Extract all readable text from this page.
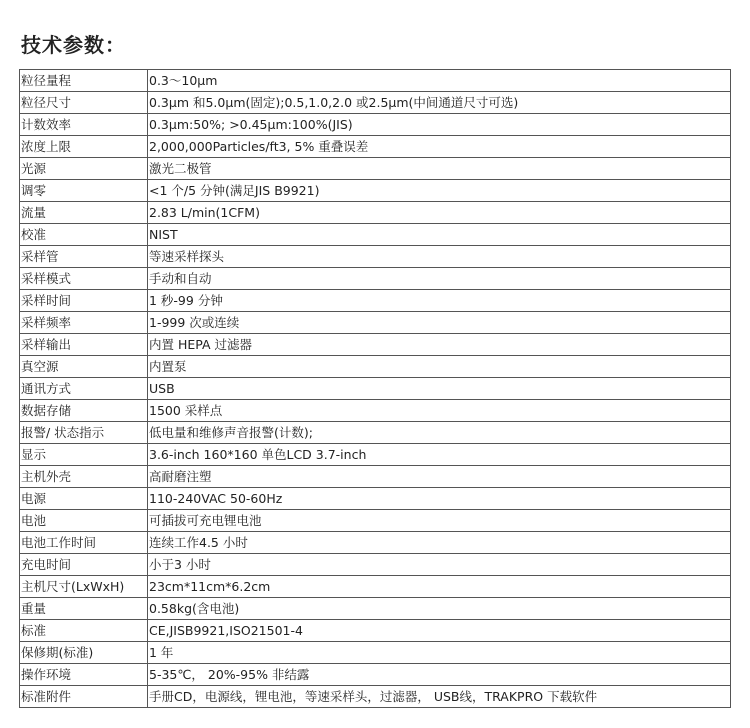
技术参数：
粒径量程	0.3～10μm
粒径尺寸	0.3μm 和5.0μm(固定);0.5,1.0,2.0 或2.5μm(中间通道尺寸可选)
计数效率	0.3μm:50%; >0.45μm:100%(JIS)
浓度上限	2,000,000Particles/ft3, 5% 重叠误差
光源	激光二极管
调零	<1 个/5 分钟(满足JIS B9921)
流量	2.83 L/min(1CFM)
校准	NIST
采样管	等速采样探头
采样模式	手动和自动
采样时间	1 秒-99 分钟
采样频率	1-999 次或连续
采样输出	内置 HEPA 过滤器
真空源	内置泵
通讯方式	USB
数据存储	1500 采样点
报警/ 状态指示	低电量和维修声音报警(计数);
显示	3.6-inch 160*160 单色LCD 3.7-inch
主机外壳	高耐磨注塑
电源	110-240VAC 50-60Hz
电池	可插拔可充电锂电池
电池工作时间	连续工作4.5 小时
充电时间	小于3 小时
主机尺寸(LxWxH)	23cm*11cm*6.2cm
重量	0.58kg(含电池)
标准	CE,JISB9921,ISO21501-4
保修期(标准)	1 年
操作环境	5-35℃， 20%-95% 非结露
标准附件	手册CD，电源线，锂电池，等速采样头，过滤器， USB线，TRAKPRO 下载软件
